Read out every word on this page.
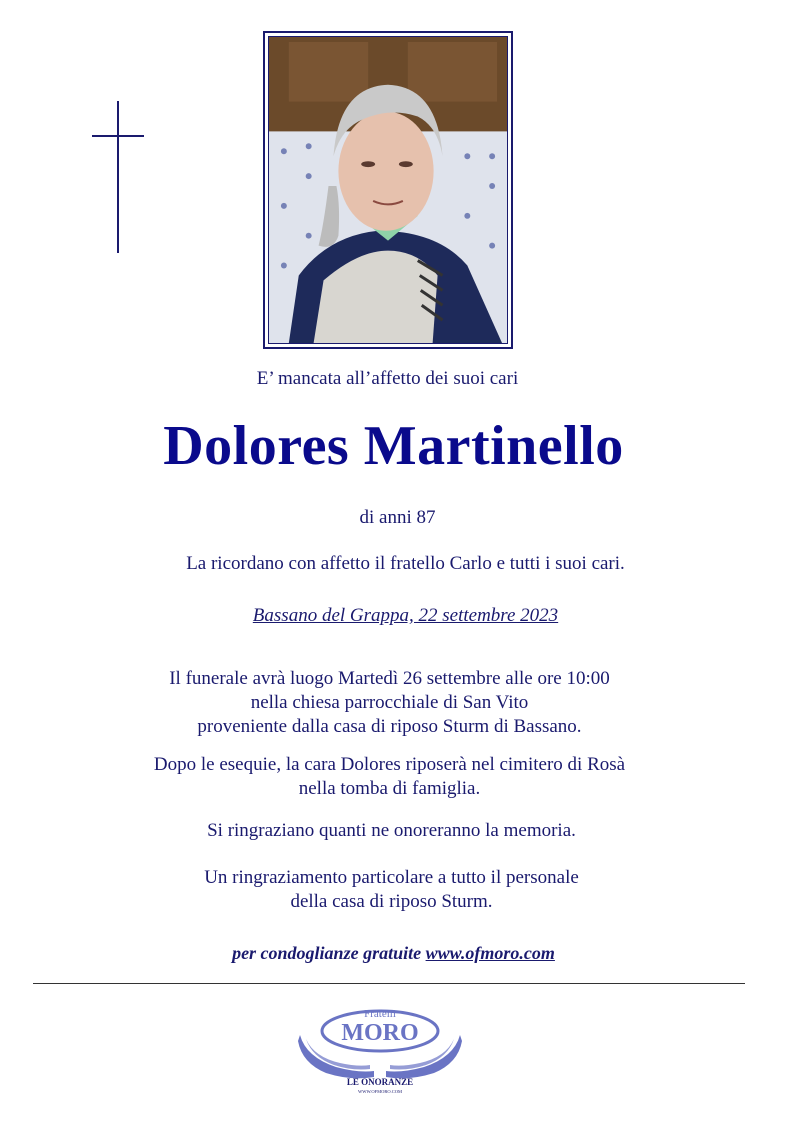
E’ mancata all’affetto dei suoi cari
Dolores Martinello
di anni 87
La ricordano con affetto il fratello Carlo e tutti i suoi cari.
Bassano del Grappa, 22 settembre 2023
Il funerale avrà luogo Martedì 26 settembre alle ore 10:00
nella chiesa parrocchiale di San Vito
proveniente dalla casa di riposo Sturm di Bassano.
Dopo le esequie, la cara Dolores riposerà nel cimitero di Rosà
nella tomba di famiglia.
Si ringraziano quanti ne onoreranno la memoria.
Un ringraziamento particolare a tutto il personale
della casa di riposo Sturm.
per condoglianze gratuite www.ofmoro.com
Fratelli
MORO
LE ONORANZE
WWW.OFMORO.COM
